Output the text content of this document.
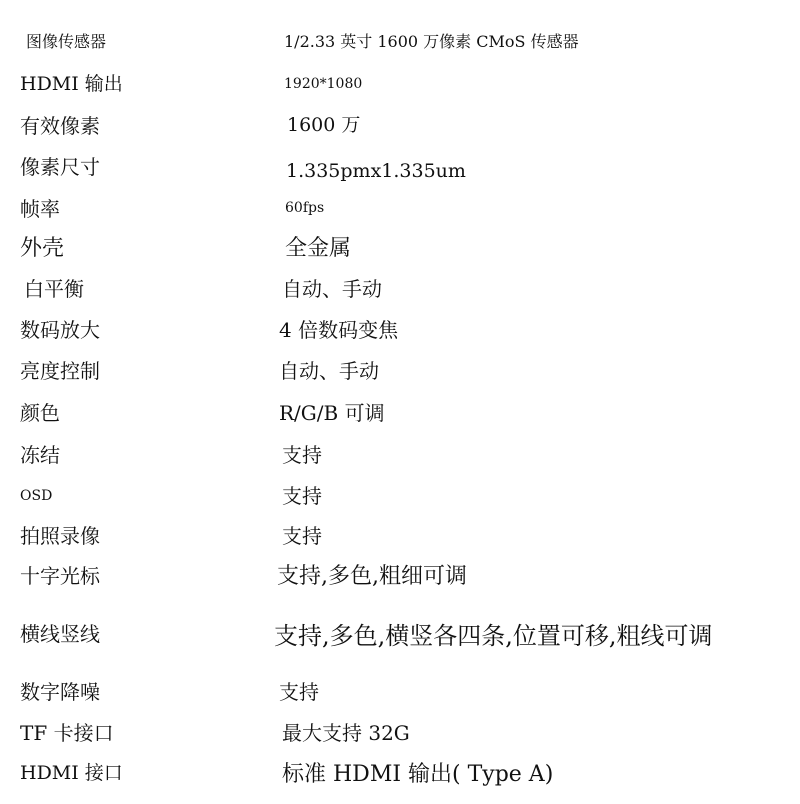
图像传感器	1/2.33 英寸 1600 万像素 CMoS 传感器
HDMI 输出	1920*1080
有效像素	1600 万
像素尺寸	1.335pmx1.335um
帧率	60fps
外壳	全金属
白平衡	自动、手动
数码放大	4 倍数码变焦
亮度控制	自动、手动
颜色	R/G/B 可调
冻结	支持
OSD	支持
拍照录像	支持
十字光标	支持,多色,粗细可调
横线竖线	支持,多色,横竖各四条,位置可移,粗线可调
数字降噪	支持
TF 卡接口	最大支持 32G
HDMI 接口	标准 HDMI 输出( Type A)
